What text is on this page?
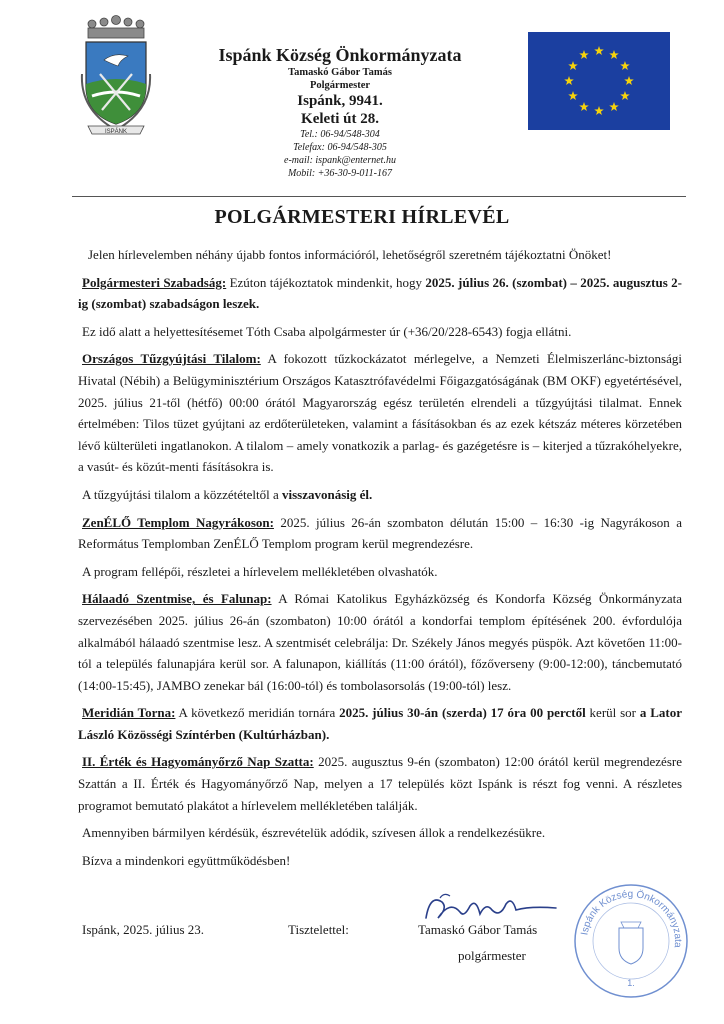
ISPÁNK
Ispánk Község Önkormányzata
Tamaskó Gábor Tamás
Polgármester
Ispánk, 9941.
Keleti út 28.
Tel.: 06-94/548-304
Telefax: 06-94/548-305
e-mail: ispank@enternet.hu
Mobil: +36-30-9-011-167
POLGÁRMESTERI HÍRLEVÉL

Jelen hírlevelemben néhány újabb fontos információról, lehetőségről szeretném tájékoztatni Önöket!

Polgármesteri Szabadság: Ezúton tájékoztatok mindenkit, hogy 2025. július 26. (szombat) – 2025. augusztus 2-ig (szombat) szabadságon leszek.

Ez idő alatt a helyettesítésemet Tóth Csaba alpolgármester úr (+36/20/228-6543) fogja ellátni.

Országos Tűzgyújtási Tilalom: A fokozott tűzkockázatot mérlegelve, a Nemzeti Élelmiszerlánc-biztonsági Hivatal (Nébih) a Belügyminisztérium Országos Katasztrófavédelmi Főigazgatóságának (BM OKF) egyetértésével, 2025. július 21-től (hétfő) 00:00 órától Magyarország egész területén elrendeli a tűzgyújtási tilalmat. Ennek értelmében: Tilos tüzet gyújtani az erdőterületeken, valamint a fásításokban és az ezek kétszáz méteres körzetében lévő külterületi ingatlanokon. A tilalom – amely vonatkozik a parlag- és gazégetésre is – kiterjed a tűzrakóhelyekre, a vasút- és közút-menti fásításokra is.

A tűzgyújtási tilalom a közzétételtől a visszavonásig él.

ZenÉLŐ Templom Nagyrákoson: 2025. július 26-án szombaton délután 15:00 – 16:30 -ig Nagyrákoson a Református Templomban ZenÉLŐ Templom program kerül megrendezésre.

A program fellépői, részletei a hírlevelem mellékletében olvashatók.

Hálaadó Szentmise, és Falunap: A Római Katolikus Egyházközség és Kondorfa Község Önkormányzata szervezésében 2025. július 26-án (szombaton) 10:00 órától a kondorfai templom építésének 200. évfordulója alkalmából hálaadó szentmise lesz. A szentmisét celebrálja: Dr. Székely János megyés püspök. Azt követően 11:00-tól a település falunapjára kerül sor. A falunapon, kiállítás (11:00 órától), főzőverseny (9:00-12:00), táncbemutató (14:00-15:45), JAMBO zenekar bál (16:00-tól) és tombolasorsolás (19:00-tól) lesz.

Meridián Torna: A következő meridián tornára 2025. július 30-án (szerda) 17 óra 00 perctől kerül sor a Lator László Közösségi Színtérben (Kultúrházban).

II. Érték és Hagyományőrző Nap Szatta: 2025. augusztus 9-én (szombaton) 12:00 órától kerül megrendezésre Szattán a II. Érték és Hagyományőrző Nap, melyen a 17 település közt Ispánk is részt fog venni. A részletes programot bemutató plakátot a hírlevelem mellékletében találják.

Amennyiben bármilyen kérdésük, észrevételük adódik, szívesen állok a rendelkezésükre.

Bízva a mindenkori együttműködésben!

Ispánk, 2025. július 23.	Tisztelettel:	Tamaskó Gábor Tamás
polgármester
Ispánk Község Önkormányzata
1.
